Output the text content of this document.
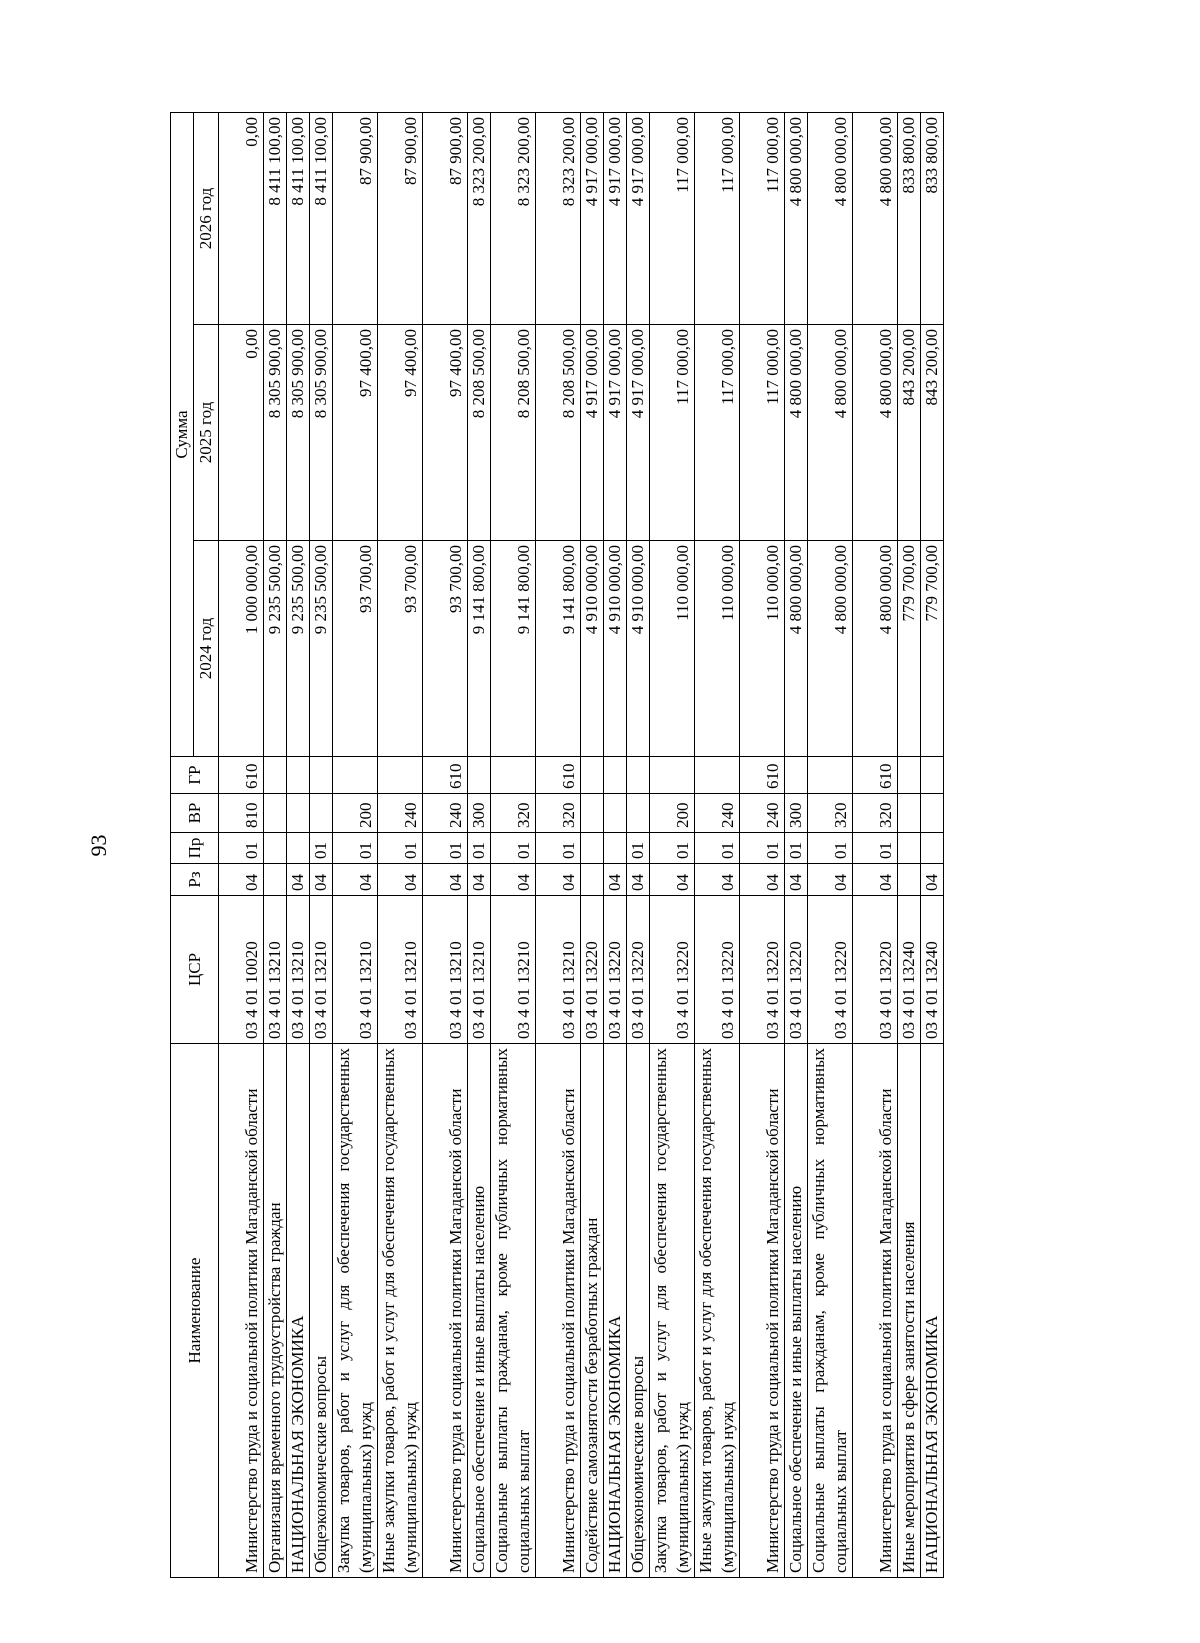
93
Наименование	ЦСР	Рз	Пр	ВР	ГР	Сумма		
						2024 год	2025 год	2026 год
Министерство труда и социальной политики Магаданской области	03 4 01 10020	04	01	810	610	1 000 000,00	0,00	0,00
Организация временного трудоустройства граждан	03 4 01 13210					9 235 500,00	8 305 900,00	8 411 100,00
НАЦИОНАЛЬНАЯ ЭКОНОМИКА	03 4 01 13210	04				9 235 500,00	8 305 900,00	8 411 100,00
Общеэкономические вопросы	03 4 01 13210	04	01			9 235 500,00	8 305 900,00	8 411 100,00
Закупка товаров, работ и услуг для обеспечения государственных (муниципальных) нужд	03 4 01 13210	04	01	200		93 700,00	97 400,00	87 900,00
Иные закупки товаров, работ и услуг для обеспечения государственных (муниципальных) нужд	03 4 01 13210	04	01	240		93 700,00	97 400,00	87 900,00
Министерство труда и социальной политики Магаданской области	03 4 01 13210	04	01	240	610	93 700,00	97 400,00	87 900,00
Социальное обеспечение и иные выплаты населению	03 4 01 13210	04	01	300		9 141 800,00	8 208 500,00	8 323 200,00
Социальные выплаты гражданам, кроме публичных нормативных социальных выплат	03 4 01 13210	04	01	320		9 141 800,00	8 208 500,00	8 323 200,00
Министерство труда и социальной политики Магаданской области	03 4 01 13210	04	01	320	610	9 141 800,00	8 208 500,00	8 323 200,00
Содействие самозанятости безработных граждан	03 4 01 13220					4 910 000,00	4 917 000,00	4 917 000,00
НАЦИОНАЛЬНАЯ ЭКОНОМИКА	03 4 01 13220	04				4 910 000,00	4 917 000,00	4 917 000,00
Общеэкономические вопросы	03 4 01 13220	04	01			4 910 000,00	4 917 000,00	4 917 000,00
Закупка товаров, работ и услуг для обеспечения государственных (муниципальных) нужд	03 4 01 13220	04	01	200		110 000,00	117 000,00	117 000,00
Иные закупки товаров, работ и услуг для обеспечения государственных (муниципальных) нужд	03 4 01 13220	04	01	240		110 000,00	117 000,00	117 000,00
Министерство труда и социальной политики Магаданской области	03 4 01 13220	04	01	240	610	110 000,00	117 000,00	117 000,00
Социальное обеспечение и иные выплаты населению	03 4 01 13220	04	01	300		4 800 000,00	4 800 000,00	4 800 000,00
Социальные выплаты гражданам, кроме публичных нормативных социальных выплат	03 4 01 13220	04	01	320		4 800 000,00	4 800 000,00	4 800 000,00
Министерство труда и социальной политики Магаданской области	03 4 01 13220	04	01	320	610	4 800 000,00	4 800 000,00	4 800 000,00
Иные мероприятия в сфере занятости населения	03 4 01 13240					779 700,00	843 200,00	833 800,00
НАЦИОНАЛЬНАЯ ЭКОНОМИКА	03 4 01 13240	04				779 700,00	843 200,00	833 800,00
